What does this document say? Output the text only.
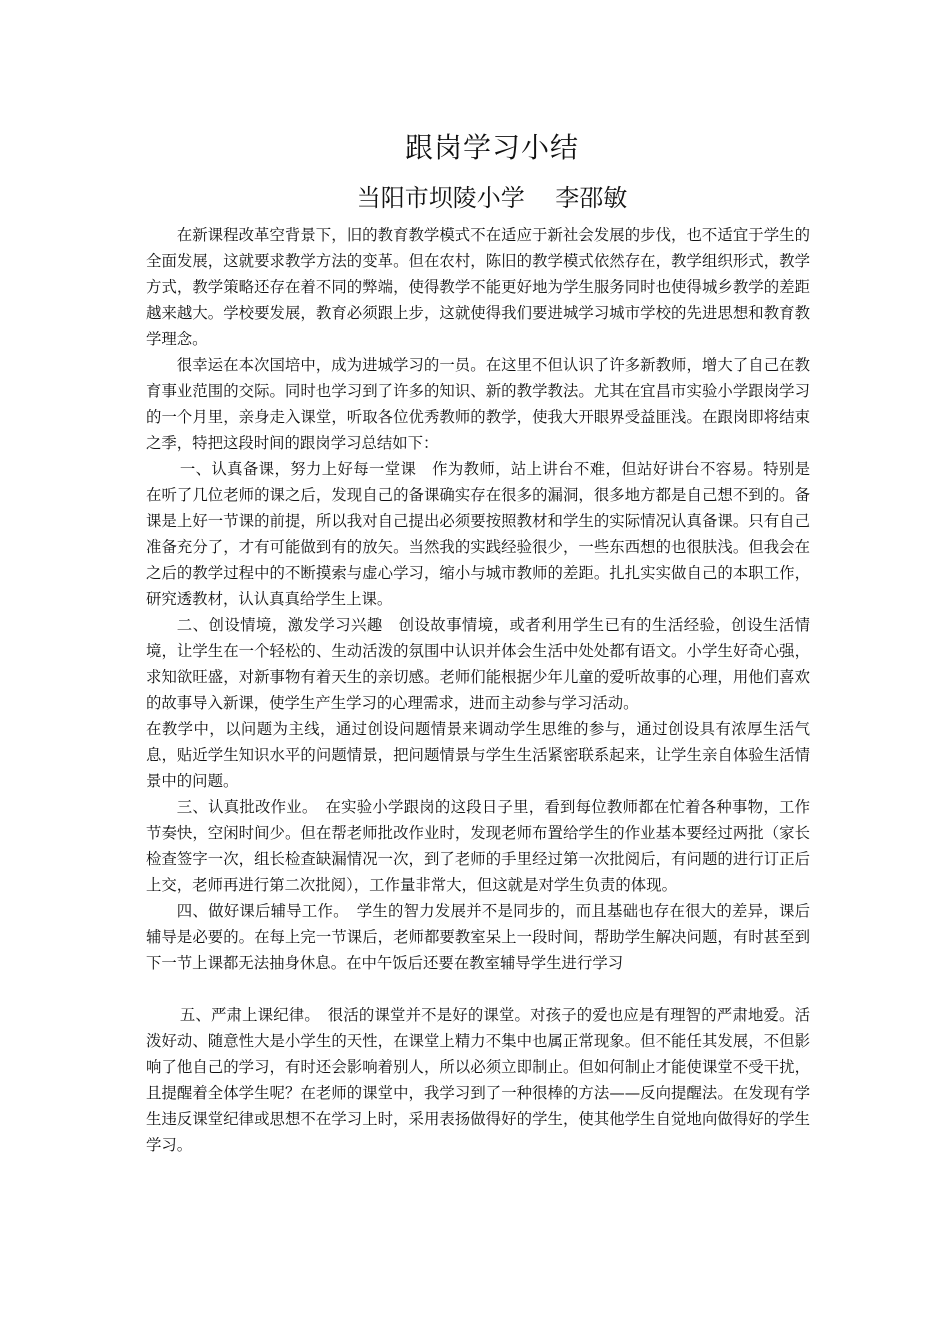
跟岗学习小结
当阳市坝陵小学    李邵敏

在新课程改革空背景下，旧的教育教学模式不在适应于新社会发展的步伐，也不适宜于学生的全面发展，这就要求教学方法的变革。但在农村，陈旧的教学模式依然存在，教学组织形式，教学方式，教学策略还存在着不同的弊端，使得教学不能更好地为学生服务同时也使得城乡教学的差距越来越大。学校要发展，教育必须跟上步，这就使得我们要进城学习城市学校的先进思想和教育教学理念。

很幸运在本次国培中，成为进城学习的一员。在这里不但认识了许多新教师，增大了自己在教育事业范围的交际。同时也学习到了许多的知识、新的教学教法。尤其在宜昌市实验小学跟岗学习的一个月里，亲身走入课堂，听取各位优秀教师的教学，使我大开眼界受益匪浅。在跟岗即将结束之季，特把这段时间的跟岗学习总结如下：

一、认真备课，努力上好每一堂课　作为教师，站上讲台不难，但站好讲台不容易。特别是在听了几位老师的课之后，发现自己的备课确实存在很多的漏洞，很多地方都是自己想不到的。备课是上好一节课的前提，所以我对自己提出必须要按照教材和学生的实际情况认真备课。只有自己准备充分了，才有可能做到有的放矢。当然我的实践经验很少，一些东西想的也很肤浅。但我会在之后的教学过程中的不断摸索与虚心学习，缩小与城市教师的差距。扎扎实实做自己的本职工作，研究透教材，认认真真给学生上课。

二、创设情境，激发学习兴趣　创设故事情境，或者利用学生已有的生活经验，创设生活情境，让学生在一个轻松的、生动活泼的氛围中认识并体会生活中处处都有语文。小学生好奇心强，求知欲旺盛，对新事物有着天生的亲切感。老师们能根据少年儿童的爱听故事的心理，用他们喜欢的故事导入新课，使学生产生学习的心理需求，进而主动参与学习活动。

在教学中，以问题为主线，通过创设问题情景来调动学生思维的参与，通过创设具有浓厚生活气息，贴近学生知识水平的问题情景，把问题情景与学生生活紧密联系起来，让学生亲自体验生活情景中的问题。

三、认真批改作业。　在实验小学跟岗的这段日子里，看到每位教师都在忙着各种事物，工作节奏快，空闲时间少。但在帮老师批改作业时，发现老师布置给学生的作业基本要经过两批（家长检查签字一次，组长检查缺漏情况一次，到了老师的手里经过第一次批阅后，有问题的进行订正后上交，老师再进行第二次批阅），工作量非常大，但这就是对学生负责的体现。

四、做好课后辅导工作。　学生的智力发展并不是同步的，而且基础也存在很大的差异，课后辅导是必要的。在每上完一节课后，老师都要教室呆上一段时间，帮助学生解决问题，有时甚至到下一节上课都无法抽身休息。在中午饭后还要在教室辅导学生进行学习

五、严肃上课纪律。　很活的课堂并不是好的课堂。对孩子的爱也应是有理智的严肃地爱。活泼好动、随意性大是小学生的天性，在课堂上精力不集中也属正常现象。但不能任其发展，不但影响了他自己的学习，有时还会影响着别人，所以必须立即制止。但如何制止才能使课堂不受干扰，且提醒着全体学生呢？在老师的课堂中，我学习到了一种很棒的方法——反向提醒法。在发现有学生违反课堂纪律或思想不在学习上时，采用表扬做得好的学生，使其他学生自觉地向做得好的学生学习。
